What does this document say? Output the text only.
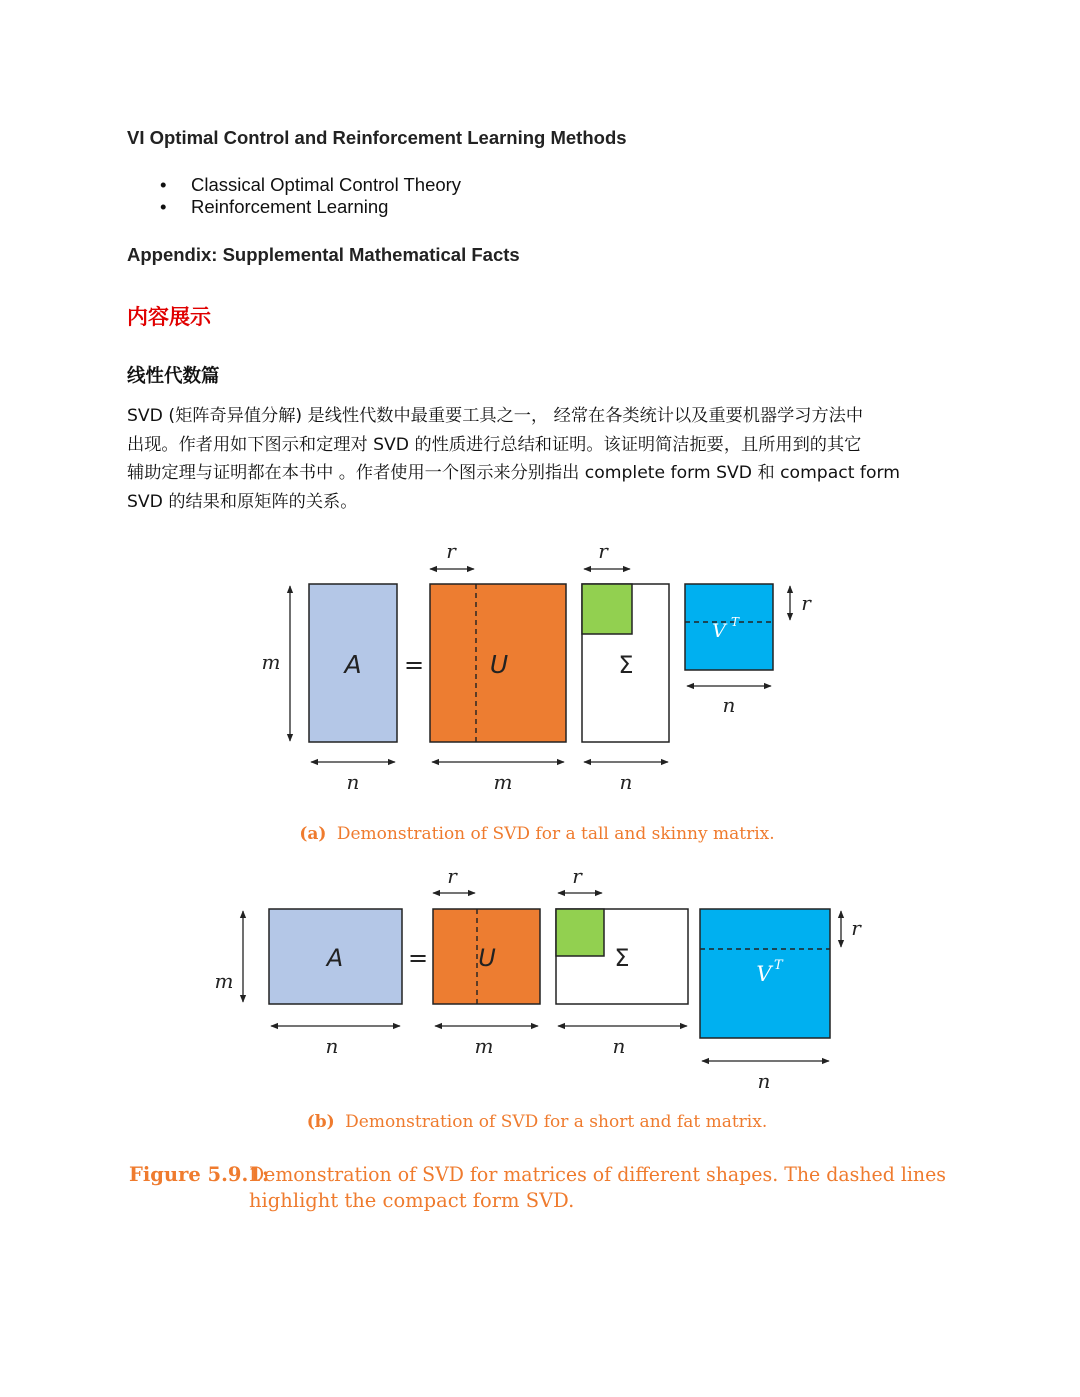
VI Optimal Control and Reinforcement Learning Methods
• Classical Optimal Control Theory
• Reinforcement Learning
Appendix: Supplemental Mathematical Facts
内容展示
线性代数篇

SVD (矩阵奇异值分解) 是线性代数中最重要工具之一， 经常在各类统计以及重要机器学习方法中
出现。作者用如下图示和定理对 SVD 的性质进行总结和证明。该证明简洁扼要，且所用到的其它
辅助定理与证明都在本书中 。作者使用一个图示来分别指出 complete form SVD 和 compact form
SVD 的结果和原矩阵的关系。

A =	U	Σ
V T
m
n	m
r
n
r
r
n
(a) Demonstration of SVD for a tall and skinny matrix.
A	= U	Σ
V T
m
n	m
r
n
r
r
n
(b) Demonstration of SVD for a short and fat matrix.
Figure 5.9.1:
Demonstration of SVD for matrices of different shapes. The dashed lines
highlight the compact form SVD.
